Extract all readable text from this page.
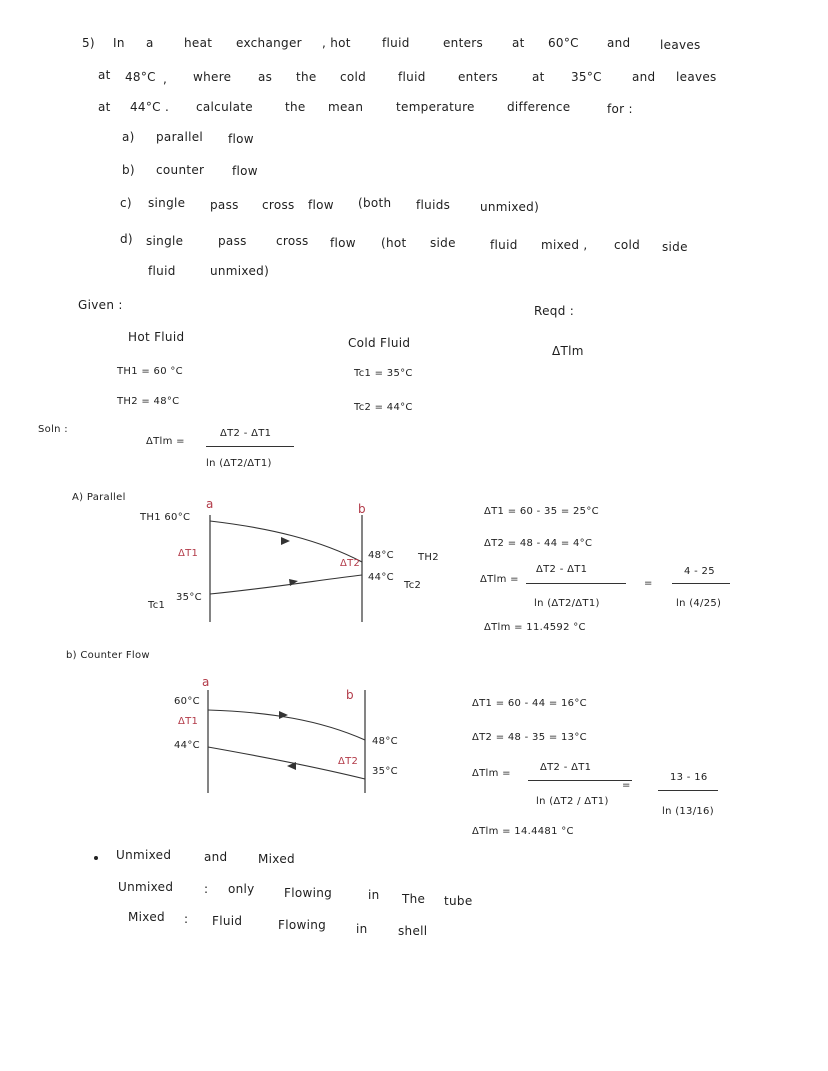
5) In a	heat exchanger , hot	fluid	enters at 60°C and leaves
at 48°C , where as the cold	fluid	enters	at 35°C	and leaves
at 44°C . calculate	the mean	temperature	difference	for :
a) parallel flow
b) counter flow
c) single pass cross flow (both fluids unmixed)
d) single	pass cross flow (hot side	fluid mixed , cold side
fluid	unmixed)
Given :	Reqd :
ΔTlm
Hot Fluid
TH1 = 60 °C
TH2 = 48°C
Cold Fluid
Tc1 = 35°C
Tc2 = 44°C
Soln :
ΔTlm =
ΔT2 - ΔT1
ln (ΔT2/ΔT1)
A) Parallel
TH1 60°C
a	b
ΔT1
ΔT2
Tc1
35°C
48°C TH2
44°C
Tc2
ΔT1 = 60 - 35 = 25°C
ΔT2 = 48 - 44 = 4°C
ΔTlm =
ΔT2 - ΔT1
ln (ΔT2/ΔT1)
=
4 - 25
ln (4/25)
ΔTlm = 11.4592 °C
b) Counter Flow
a
b
60°C
ΔT1
44°C	48°C
ΔT2
35°C
ΔT1 = 60 - 44 = 16°C
ΔT2 = 48 - 35 = 13°C
ΔTlm =
ΔT2 - ΔT1
ln (ΔT2 / ΔT1)
=
13 - 16
ln (13/16)
ΔTlm = 14.4481 °C
Unmixed	and	Mixed
Unmixed	: only Flowing	in The tube
Mixed : Fluid	Flowing in	shell
